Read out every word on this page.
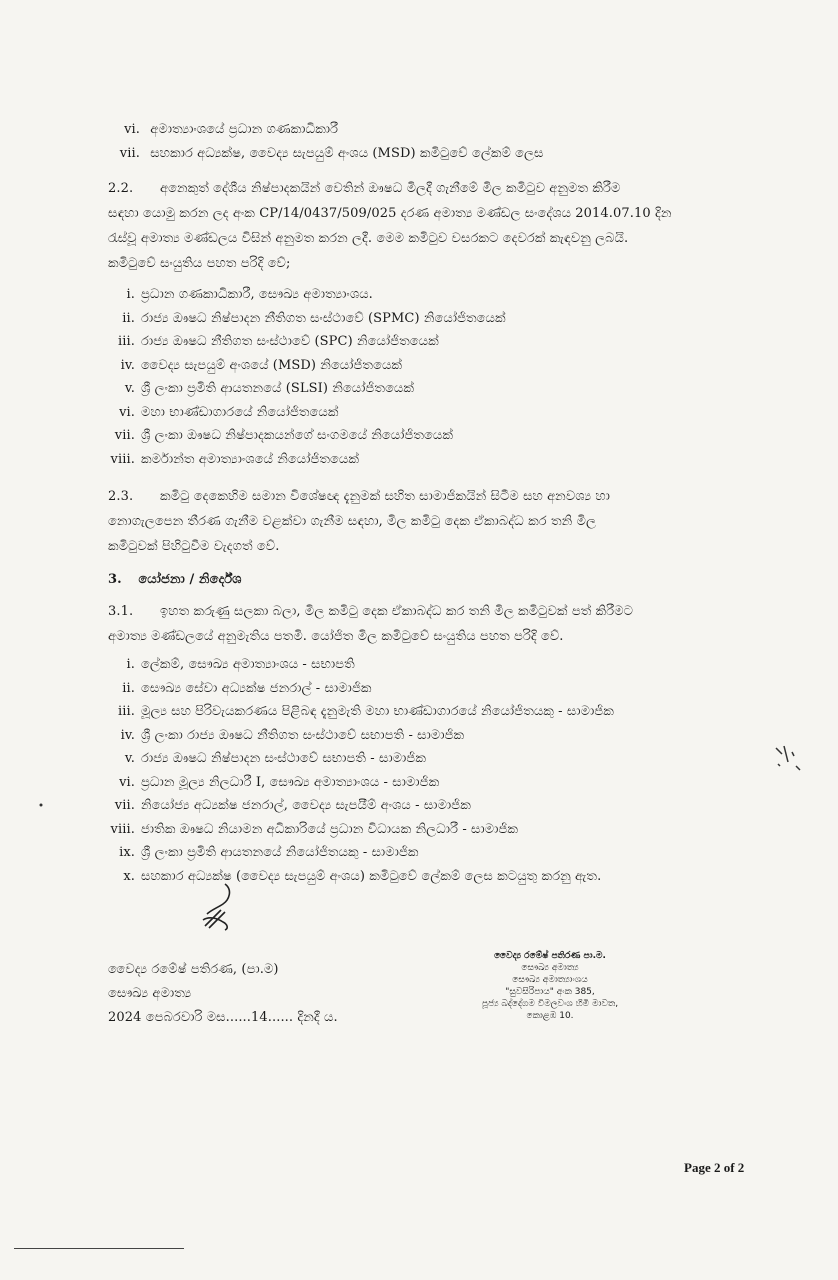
vi. අමාත්‍යාංශයේ ප්‍රධාන ගණකාධිකාරී
vii. සහකාර අධ්‍යක්ෂ, වෛද්‍ය සැපයුම් අංශය (MSD) කමිටුවේ ලේකම් ලෙස
2.2. අනෙකුත් දේශීය නිෂ්පාදකයින් වෙතින් ඖෂධ මිලදී ගැනීමේ මිල කමිටුව අනුමත කිරීම
සඳහා යොමු කරන ලද අංක CP/14/0437/509/025 දරණ අමාත්‍ය මණ්ඩල සංදේශය 2014.07.10 දින
රැස්වූ අමාත්‍ය මණ්ඩලය විසින් අනුමත කරන ලදී. මෙම කමිටුව වසරකට දෙවරක් කැඳවනු ලබයි.
කමිටුවේ සංයුතිය පහත පරිදි වේ;
i. ප්‍රධාන ගණකාධිකාරී, සෞඛ්‍ය අමාත්‍යාංශය.
ii. රාජ්‍ය ඖෂධ නිෂ්පාදන නීතිගත සංස්ථාවේ (SPMC) නියෝජිතයෙක්
iii. රාජ්‍ය ඖෂධ නීතිගත සංස්ථාවේ (SPC) නියෝජිතයෙක්
iv. වෛද්‍ය සැපයුම් අංශයේ (MSD) නියෝජිතයෙක්
v. ශ්‍රී ලංකා ප්‍රමිති ආයතනයේ (SLSI) නියෝජිතයෙක්
vi. මහා භාණ්ඩාගාරයේ නියෝජිතයෙක්
vii. ශ්‍රී ලංකා ඖෂධ නිෂ්පාදකයන්ගේ සංගමයේ නියෝජිතයෙක්
viii. කර්මාන්ත අමාත්‍යාංශයේ නියෝජිතයෙක්
2.3. කමිටු දෙකෙහිම සමාන විශේෂඥ දැනුමක් සහිත සාමාජිකයින් සිටීම සහ අනවශ්‍ය හා
නොගැලපෙන තීරණ ගැනීම වළක්වා ගැනීම සඳහා, මිල කමිටු දෙක ඒකාබද්ධ කර තනි මිල
කමිටුවක් පිහිටුවීම වැදගත් වේ.
3. යෝජනා / නිර්දේශ
3.1. ඉහත කරුණු සලකා බලා, මිල කමිටු දෙක ඒකාබද්ධ කර තනි මිල කමිටුවක් පත් කිරීමට
අමාත්‍ය මණ්ඩලයේ අනුමැතිය පතමි. යෝජිත මිල කමිටුවේ සංයුතිය පහත පරිදි වේ.
i. ලේකම්, සෞඛ්‍ය අමාත්‍යාංශය - සභාපති
ii. සෞඛ්‍ය සේවා අධ්‍යක්ෂ ජනරාල් - සාමාජික
iii. මූල්‍ය සහ පිරිවැයකරණය පිළිබඳ දැනුමැති මහා භාණ්ඩාගාරයේ නියෝජිතයකු - සාමාජික
iv. ශ්‍රී ලංකා රාජ්‍ය ඖෂධ නීතිගත සංස්ථාවේ සභාපති - සාමාජික
v. රාජ්‍ය ඖෂධ නිෂ්පාදන සංස්ථාවේ සභාපති - සාමාජික
vi. ප්‍රධාන මූල්‍ය නිලධාරී I, සෞඛ්‍ය අමාත්‍යාංශය - සාමාජික
vii. නියෝජ්‍ය අධ්‍යක්ෂ ජනරාල්, වෛද්‍ය සැපයීම් අංශය - සාමාජික
viii. ජාතික ඖෂධ නියාමන අධිකාරියේ ප්‍රධාන විධායක නිලධාරී - සාමාජික
ix. ශ්‍රී ලංකා ප්‍රමිති ආයතනයේ නියෝජිතයකු - සාමාජික
x. සහකාර අධ්‍යක්ෂ (වෛද්‍ය සැපයුම් අංශය) කමිටුවේ ලේකම් ලෙස කටයුතු කරනු ඇත.
වෛද්‍ය රමේෂ් පතිරණ, (පා.ම)
සෞඛ්‍ය අමාත්‍ය
2024 පෙබරවාරි මස......14...... දිනදී ය.
වෛද්‍ය රමේෂ් පතිරණ පා.ම.
සෞඛ්‍ය අමාත්‍ය
සෞඛ්‍ය අමාත්‍යාංශය
"සුවසිරිපාය" අංක 385,
පූජ්‍ය බද්දේගම විමලවංශ හිමි මාවත,
කොළඹ 10.
Page 2 of 2
